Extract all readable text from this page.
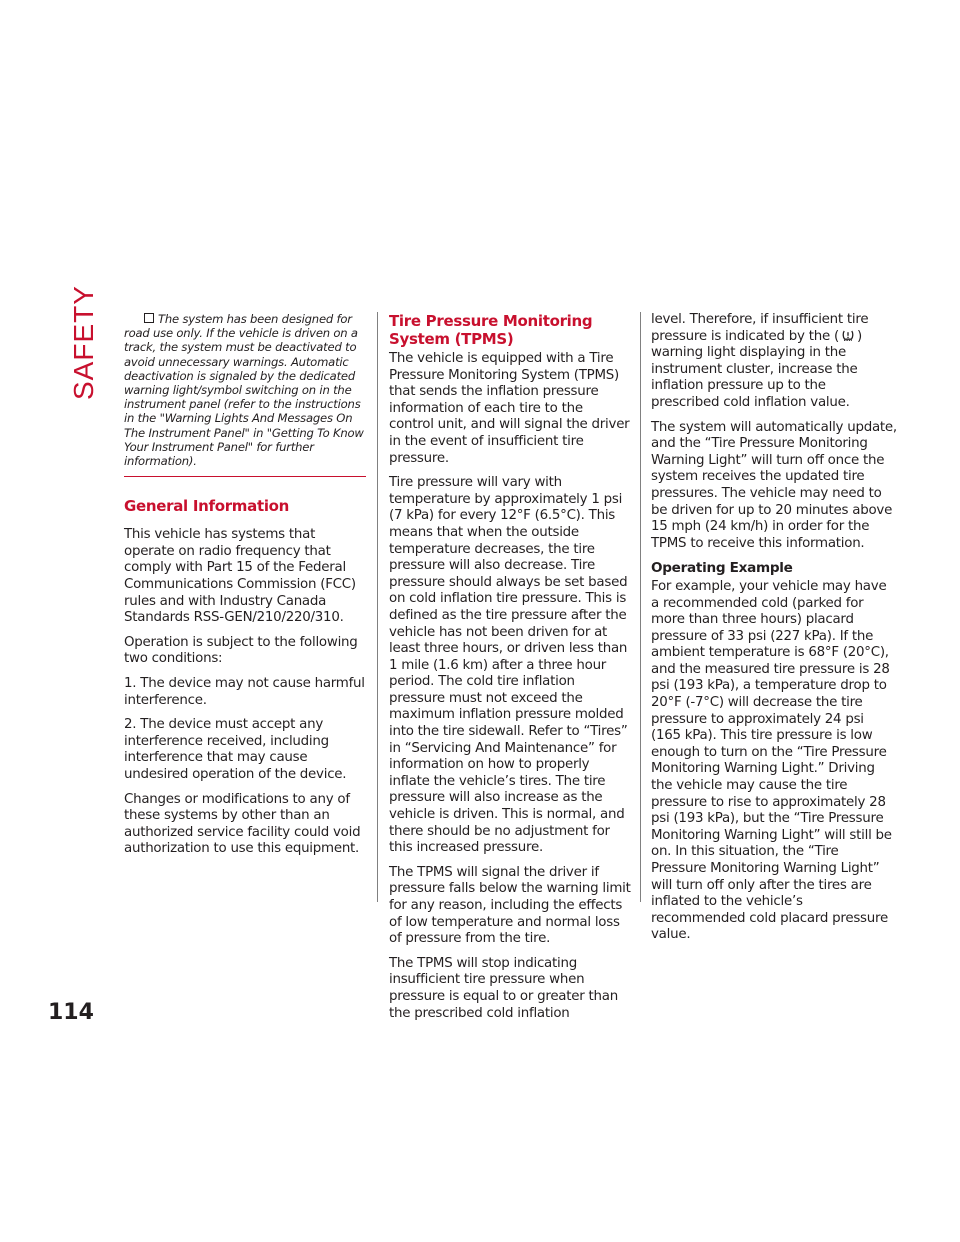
SAFETY
114
The system has been designed for road use only. If the vehicle is driven on a track, the system must be deactivated to avoid unnecessary warnings. Automatic deactivation is signaled by the dedicated warning light/symbol switching on in the instrument panel (refer to the instructions in the "Warning Lights And Messages On The Instrument Panel" in "Getting To Know Your Instrument Panel" for further information).
General Information

This vehicle has systems that operate on radio frequency that comply with Part 15 of the Federal Communications Commission (FCC) rules and with Industry Canada Standards RSS-GEN/210/220/310.

Operation is subject to the following two conditions:

1. The device may not cause harmful interference.

2. The device must accept any interference received, including interference that may cause undesired operation of the device.

Changes or modifications to any of these systems by other than an authorized service facility could void authorization to use this equipment.

Tire Pressure Monitoring System (TPMS)

The vehicle is equipped with a Tire Pressure Monitoring System (TPMS) that sends the inflation pressure information of each tire to the control unit, and will signal the driver in the event of insufficient tire pressure.

Tire pressure will vary with temperature by approximately 1 psi (7 kPa) for every 12°F (6.5°C). This means that when the outside temperature decreases, the tire pressure will also decrease. Tire pressure should always be set based on cold inflation tire pressure. This is defined as the tire pressure after the vehicle has not been driven for at least three hours, or driven less than 1 mile (1.6 km) after a three hour period. The cold tire inflation pressure must not exceed the maximum inflation pressure molded into the tire sidewall. Refer to “Tires” in “Servicing And Maintenance” for information on how to properly inflate the vehicle’s tires. The tire pressure will also increase as the vehicle is driven. This is normal, and there should be no adjustment for this increased pressure.

The TPMS will signal the driver if pressure falls below the warning limit for any reason, including the effects of low temperature and normal loss of pressure from the tire.

The TPMS will stop indicating insufficient tire pressure when pressure is equal to or greater than the prescribed cold inflation

level. Therefore, if insufficient tire pressure is indicated by the ( ) warning light displaying in the instrument cluster, increase the inflation pressure up to the prescribed cold inflation value.

The system will automatically update, and the “Tire Pressure Monitoring Warning Light” will turn off once the system receives the updated tire pressures. The vehicle may need to be driven for up to 20 minutes above 15 mph (24 km/h) in order for the TPMS to receive this information.

Operating Example

For example, your vehicle may have a recommended cold (parked for more than three hours) placard pressure of 33 psi (227 kPa). If the ambient temperature is 68°F (20°C), and the measured tire pressure is 28 psi (193 kPa), a temperature drop to 20°F (-7°C) will decrease the tire pressure to approximately 24 psi (165 kPa). This tire pressure is low enough to turn on the “Tire Pressure Monitoring Warning Light.” Driving the vehicle may cause the tire pressure to rise to approximately 28 psi (193 kPa), but the “Tire Pressure Monitoring Warning Light” will still be on. In this situation, the “Tire Pressure Monitoring Warning Light” will turn off only after the tires are inflated to the vehicle’s recommended cold placard pressure value.
